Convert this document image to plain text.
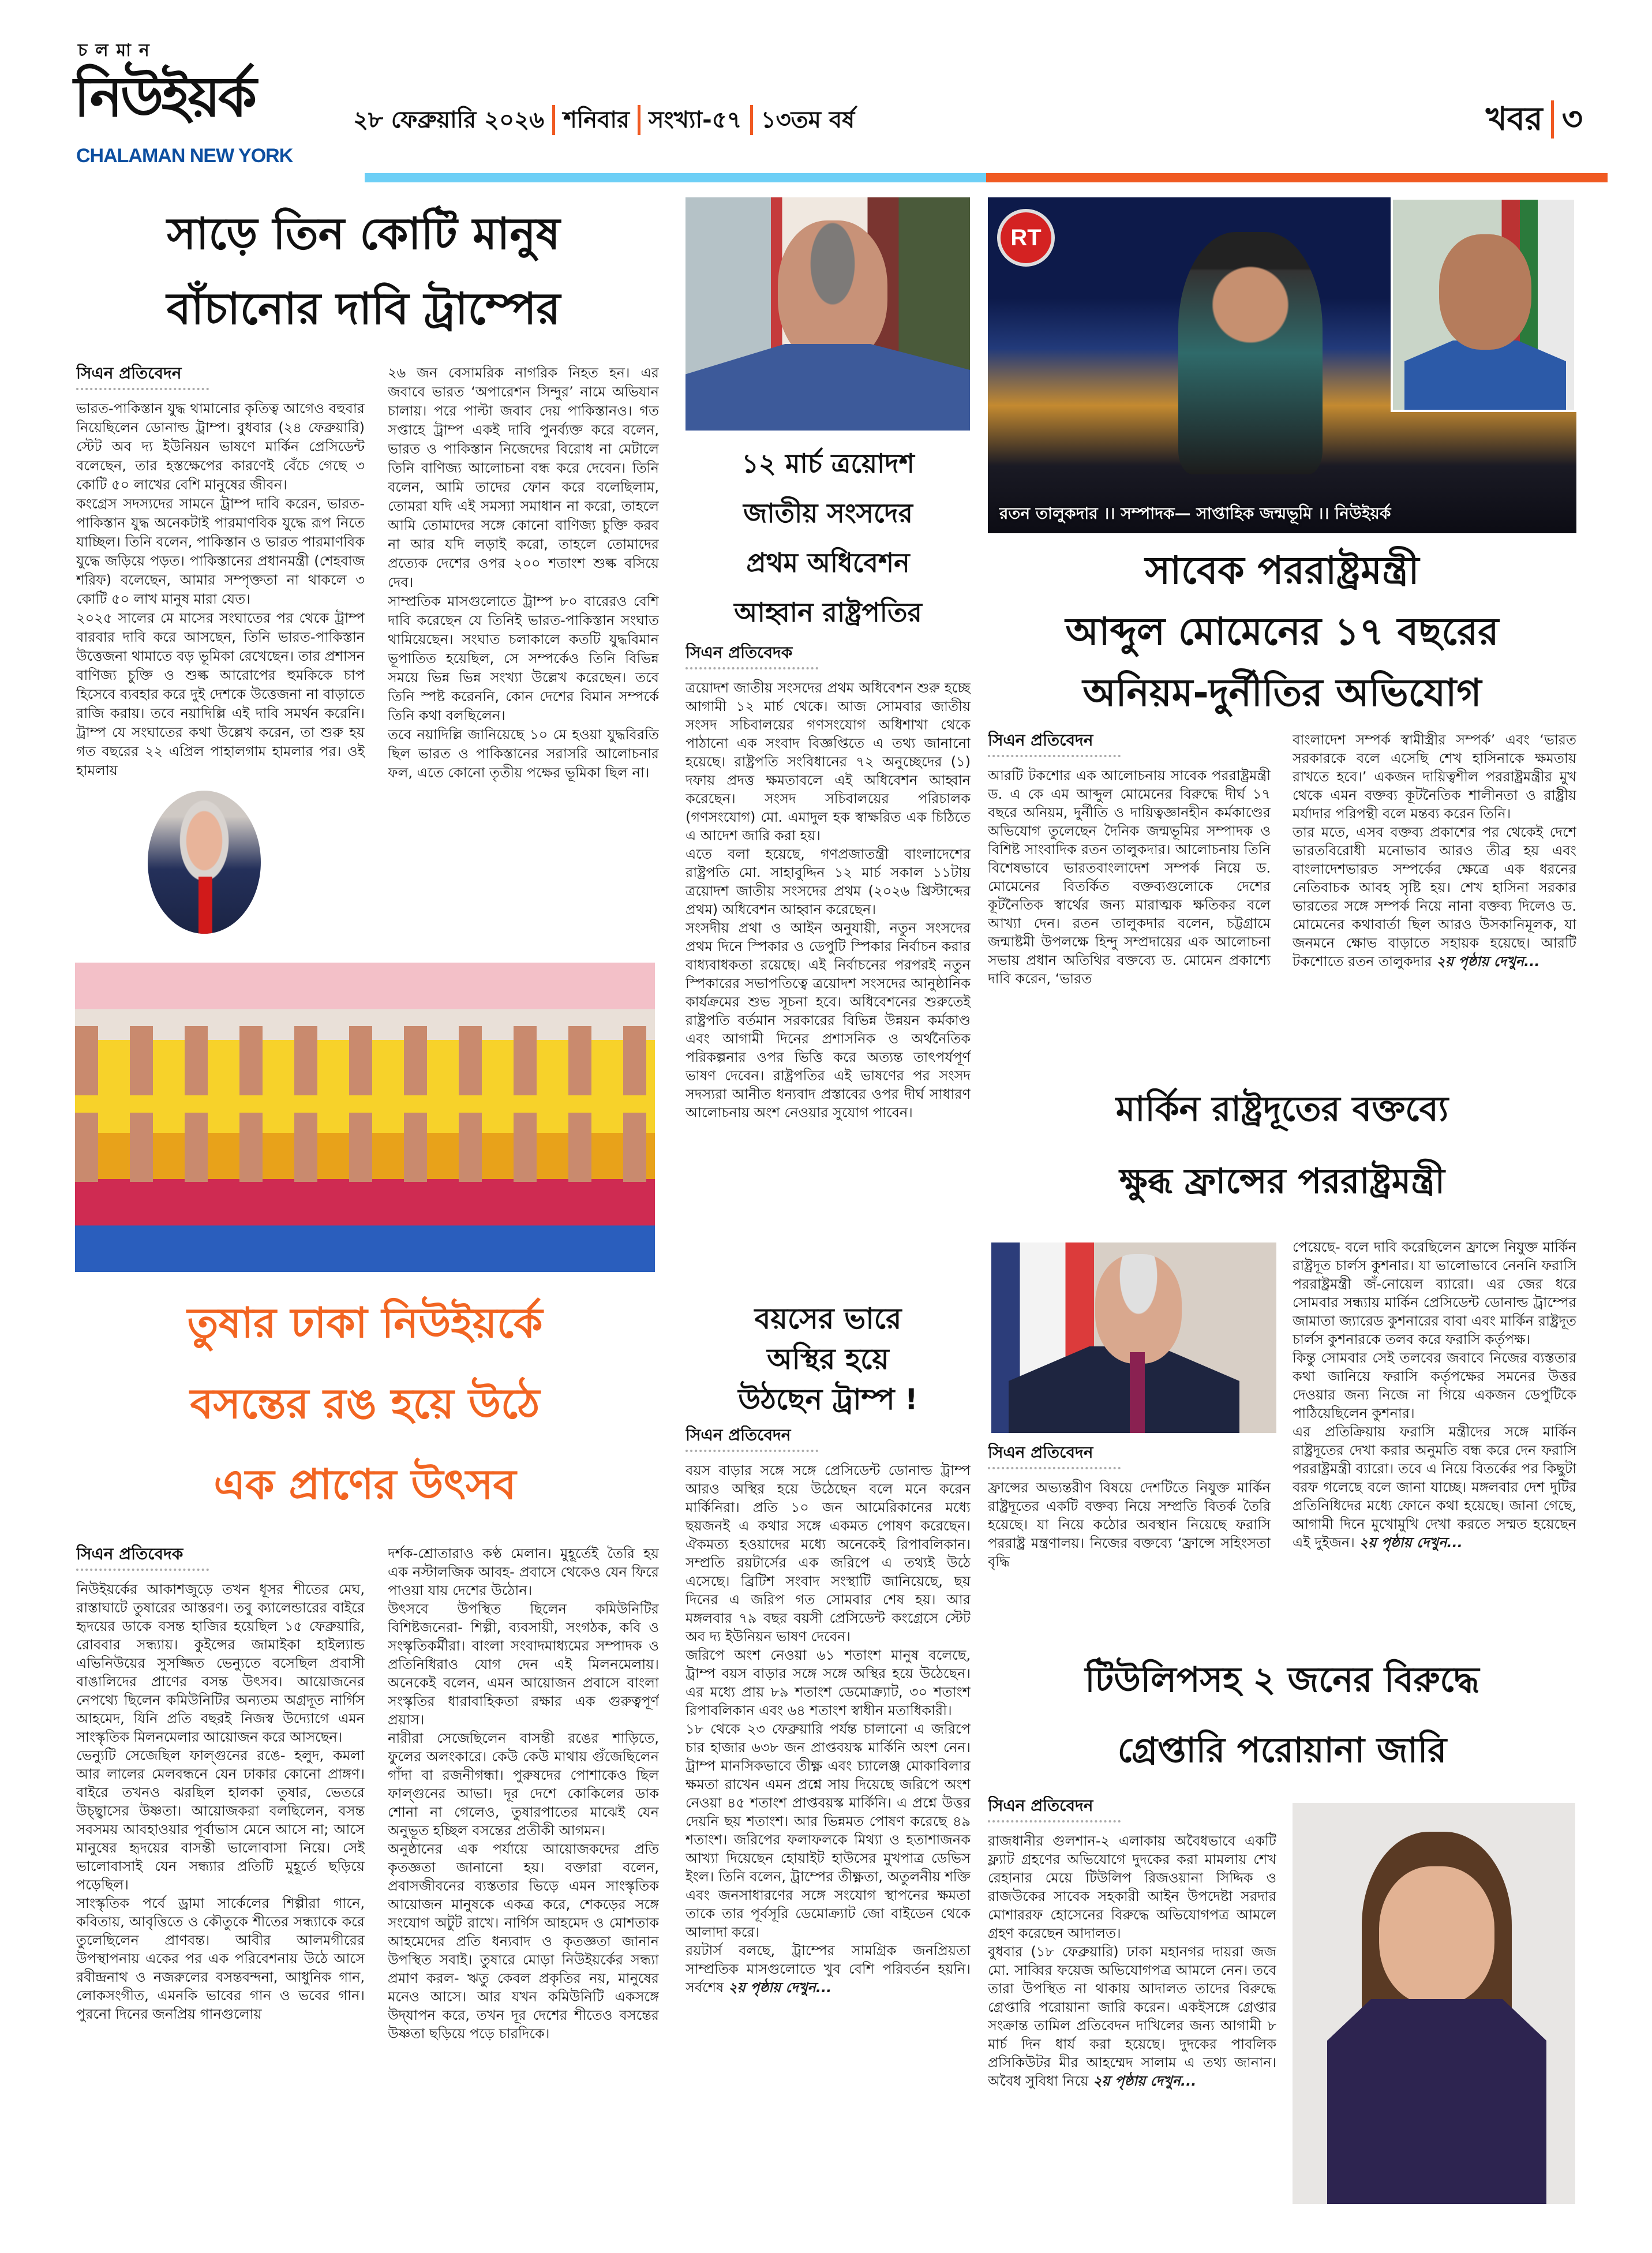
চলমান
নিউইয়র্ক
CHALAMAN NEW YORK
২৮ ফেব্রুয়ারি ২০২৬ শনিবার সংখ্যা-৫৭ ১৩তম বর্ষ	খবর ৩
সাড়ে তিন কোটি মানুষ
বাঁচানোর দাবি ট্রাম্পের
সিএন প্রতিবেদন

ভারত-পাকিস্তান যুদ্ধ থামানোর কৃতিত্ব আগেও বহুবার নিয়েছিলেন ডোনাল্ড ট্রাম্প। বুধবার (২৪ ফেব্রুয়ারি) স্টেট অব দ্য ইউনিয়ন ভাষণে মার্কিন প্রেসিডেন্ট বলেছেন, তার হস্তক্ষেপের কারণেই বেঁচে গেছে ৩ কোটি ৫০ লাখের বেশি মানুষের জীবন।

কংগ্রেস সদস্যদের সামনে ট্রাম্প দাবি করেন, ভারত-পাকিস্তান যুদ্ধ অনেকটাই পারমাণবিক যুদ্ধে রূপ নিতে যাচ্ছিল। তিনি বলেন, পাকিস্তান ও ভারত পারমাণবিক যুদ্ধে জড়িয়ে পড়ত। পাকিস্তানের প্রধানমন্ত্রী (শেহবাজ শরিফ) বলেছেন, আমার সম্পৃক্ততা না থাকলে ৩ কোটি ৫০ লাখ মানুষ মারা যেত।

২০২৫ সালের মে মাসের সংঘাতের পর থেকে ট্রাম্প বারবার দাবি করে আসছেন, তিনি ভারত-পাকিস্তান উত্তেজনা থামাতে বড় ভূমিকা রেখেছেন। তার প্রশাসন বাণিজ্য চুক্তি ও শুল্ক আরোপের হুমকিকে চাপ হিসেবে ব্যবহার করে দুই দেশকে উত্তেজনা না বাড়াতে রাজি করায়। তবে নয়াদিল্লি এই দাবি সমর্থন করেনি। ট্রাম্প যে সংঘাতের কথা উল্লেখ করেন, তা শুরু হয় গত বছরের ২২ এপ্রিল পাহালগাম হামলার পর। ওই হামলায়

২৬ জন বেসামরিক নাগরিক নিহত হন। এর জবাবে ভারত ‘অপারেশন সিন্দুর’ নামে অভিযান চালায়। পরে পাল্টা জবাব দেয় পাকিস্তানও। গত সপ্তাহে ট্রাম্প একই দাবি পুনর্ব্যক্ত করে বলেন, ভারত ও পাকিস্তান নিজেদের বিরোধ না মেটালে তিনি বাণিজ্য আলোচনা বন্ধ করে দেবেন। তিনি বলেন, আমি তাদের ফোন করে বলেছিলাম, তোমরা যদি এই সমস্যা সমাধান না করো, তাহলে আমি তোমাদের সঙ্গে কোনো বাণিজ্য চুক্তি করব না আর যদি লড়াই করো, তাহলে তোমাদের প্রত্যেক দেশের ওপর ২০০ শতাংশ শুল্ক বসিয়ে দেব।

সাম্প্রতিক মাসগুলোতে ট্রাম্প ৮০ বারেরও বেশি দাবি করেছেন যে তিনিই ভারত-পাকিস্তান সংঘাত থামিয়েছেন। সংঘাত চলাকালে কতটি যুদ্ধবিমান ভূপাতিত হয়েছিল, সে সম্পর্কেও তিনি বিভিন্ন সময়ে ভিন্ন ভিন্ন সংখ্যা উল্লেখ করেছেন। তবে তিনি স্পষ্ট করেননি, কোন দেশের বিমান সম্পর্কে তিনি কথা বলছিলেন।

তবে নয়াদিল্লি জানিয়েছে ১০ মে হওয়া যুদ্ধবিরতি ছিল ভারত ও পাকিস্তানের সরাসরি আলোচনার ফল, এতে কোনো তৃতীয় পক্ষের ভূমিকা ছিল না।

১২ মার্চ ত্রয়োদশ
জাতীয় সংসদের
প্রথম অধিবেশন
আহ্বান রাষ্ট্রপতির
সিএন প্রতিবেদক

ত্রয়োদশ জাতীয় সংসদের প্রথম অধিবেশন শুরু হচ্ছে আগামী ১২ মার্চ থেকে। আজ সোমবার জাতীয় সংসদ সচিবালয়ের গণসংযোগ অধিশাখা থেকে পাঠানো এক সংবাদ বিজ্ঞপ্তিতে এ তথ্য জানানো হয়েছে। রাষ্ট্রপতি সংবিধানের ৭২ অনুচ্ছেদের (১) দফায় প্রদত্ত ক্ষমতাবলে এই অধিবেশন আহ্বান করেছেন। সংসদ সচিবালয়ের পরিচালক (গণসংযোগ) মো. এমাদুল হক স্বাক্ষরিত এক চিঠিতে এ আদেশ জারি করা হয়।

এতে বলা হয়েছে, গণপ্রজাতন্ত্রী বাংলাদেশের রাষ্ট্রপতি মো. সাহাবুদ্দিন ১২ মার্চ সকাল ১১টায় ত্রয়োদশ জাতীয় সংসদের প্রথম (২০২৬ খ্রিস্টাব্দের প্রথম) অধিবেশন আহ্বান করেছেন।

সংসদীয় প্রথা ও আইন অনুযায়ী, নতুন সংসদের প্রথম দিনে স্পিকার ও ডেপুটি স্পিকার নির্বাচন করার বাধ্যবাধকতা রয়েছে। এই নির্বাচনের পরপরই নতুন স্পিকারের সভাপতিত্বে ত্রয়োদশ সংসদের আনুষ্ঠানিক কার্যক্রমের শুভ সূচনা হবে। অধিবেশনের শুরুতেই রাষ্ট্রপতি বর্তমান সরকারের বিভিন্ন উন্নয়ন কর্মকাণ্ড এবং আগামী দিনের প্রশাসনিক ও অর্থনৈতিক পরিকল্পনার ওপর ভিত্তি করে অত্যন্ত তাৎপর্যপূর্ণ ভাষণ দেবেন। রাষ্ট্রপতির এই ভাষণের পর সংসদ সদস্যরা আনীত ধন্যবাদ প্রস্তাবের ওপর দীর্ঘ সাধারণ আলোচনায় অংশ নেওয়ার সুযোগ পাবেন।

বয়সের ভারে
অস্থির হয়ে
উঠছেন ট্রাম্প !
সিএন প্রতিবেদন

বয়স বাড়ার সঙ্গে সঙ্গে প্রেসিডেন্ট ডোনাল্ড ট্রাম্প আরও অস্থির হয়ে উঠেছেন বলে মনে করেন মার্কিনিরা। প্রতি ১০ জন আমেরিকানের মধ্যে ছয়জনই এ কথার সঙ্গে একমত পোষণ করেছেন। ঐকমত্য হওয়াদের মধ্যে অনেকেই রিপাবলিকান। সম্প্রতি রয়টার্সের এক জরিপে এ তথ্যই উঠে এসেছে। ব্রিটিশ সংবাদ সংস্থাটি জানিয়েছে, ছয় দিনের এ জরিপ গত সোমবার শেষ হয়। আর মঙ্গলবার ৭৯ বছর বয়সী প্রেসিডেন্ট কংগ্রেসে স্টেট অব দ্য ইউনিয়ন ভাষণ দেবেন।

জরিপে অংশ নেওয়া ৬১ শতাংশ মানুষ বলেছে, ট্রাম্প বয়স বাড়ার সঙ্গে সঙ্গে অস্থির হয়ে উঠেছেন। এর মধ্যে প্রায় ৮৯ শতাংশ ডেমোক্র্যাট, ৩০ শতাংশ রিপাবলিকান এবং ৬৪ শতাংশ স্বাধীন মতাধিকারী।

১৮ থেকে ২৩ ফেব্রুয়ারি পর্যন্ত চালানো এ জরিপে চার হাজার ৬৩৮ জন প্রাপ্তবয়স্ক মার্কিনি অংশ নেন। ট্রাম্প মানসিকভাবে তীক্ষ্ণ এবং চ্যালেঞ্জ মোকাবিলার ক্ষমতা রাখেন এমন প্রশ্নে সায় দিয়েছে জরিপে অংশ নেওয়া ৪৫ শতাংশ প্রাপ্তবয়স্ক মার্কিনি। এ প্রশ্নে উত্তর দেয়নি ছয় শতাংশ। আর ভিন্নমত পোষণ করেছে ৪৯ শতাংশ। জরিপের ফলাফলকে মিথ্যা ও হতাশাজনক আখ্যা দিয়েছেন হোয়াইট হাউসের মুখপাত্র ডেভিস ইংল। তিনি বলেন, ট্রাম্পের তীক্ষ্ণতা, অতুলনীয় শক্তি এবং জনসাধারণের সঙ্গে সংযোগ স্থাপনের ক্ষমতা তাকে তার পূর্বসূরি ডেমোক্র্যাট জো বাইডেন থেকে আলাদা করে।

রয়টার্স বলছে, ট্রাম্পের সামগ্রিক জনপ্রিয়তা সাম্প্রতিক মাসগুলোতে খুব বেশি পরিবর্তন হয়নি। সর্বশেষ ২য় পৃষ্ঠায় দেখুন...

RT
রতন তালুকদার ।। সম্পাদক— সাপ্তাহিক জন্মভূমি ।। নিউইয়র্ক
সাবেক পররাষ্ট্রমন্ত্রী
আব্দুল মোমেনের ১৭ বছরের
অনিয়ম-দুর্নীতির অভিযোগ
সিএন প্রতিবেদন

আরটি টকশোর এক আলোচনায় সাবেক পররাষ্ট্রমন্ত্রী ড. এ কে এম আব্দুল মোমেনের বিরুদ্ধে দীর্ঘ ১৭ বছরে অনিয়ম, দুর্নীতি ও দায়িত্বজ্ঞানহীন কর্মকাণ্ডের অভিযোগ তুলেছেন দৈনিক জন্মভূমির সম্পাদক ও বিশিষ্ট সাংবাদিক রতন তালুকদার। আলোচনায় তিনি বিশেষভাবে ভারতবাংলাদেশ সম্পর্ক নিয়ে ড. মোমেনের বিতর্কিত বক্তব্যগুলোকে দেশের কূটনৈতিক স্বার্থের জন্য মারাত্মক ক্ষতিকর বলে আখ্যা দেন। রতন তালুকদার বলেন, চট্টগ্রামে জন্মাষ্টমী উপলক্ষে হিন্দু সম্প্রদায়ের এক আলোচনা সভায় প্রধান অতিথির বক্তব্যে ড. মোমেন প্রকাশ্যে দাবি করেন, ‘ভারত

বাংলাদেশ সম্পর্ক স্বামীস্ত্রীর সম্পর্ক’ এবং ‘ভারত সরকারকে বলে এসেছি শেখ হাসিনাকে ক্ষমতায় রাখতে হবে।’ একজন দায়িত্বশীল পররাষ্ট্রমন্ত্রীর মুখ থেকে এমন বক্তব্য কূটনৈতিক শালীনতা ও রাষ্ট্রীয় মর্যাদার পরিপন্থী বলে মন্তব্য করেন তিনি।

তার মতে, এসব বক্তব্য প্রকাশের পর থেকেই দেশে ভারতবিরোধী মনোভাব আরও তীব্র হয় এবং বাংলাদেশভারত সম্পর্কের ক্ষেত্রে এক ধরনের নেতিবাচক আবহ সৃষ্টি হয়। শেখ হাসিনা সরকার ভারতের সঙ্গে সম্পর্ক নিয়ে নানা বক্তব্য দিলেও ড. মোমেনের কথাবার্তা ছিল আরও উসকানিমূলক, যা জনমনে ক্ষোভ বাড়াতে সহায়ক হয়েছে। আরটি টকশোতে রতন তালুকদার ২য় পৃষ্ঠায় দেখুন...

মার্কিন রাষ্ট্রদূতের বক্তব্যে
ক্ষুব্ধ ফ্রান্সের পররাষ্ট্রমন্ত্রী
সিএন প্রতিবেদন

ফ্রান্সের অভ্যন্তরীণ বিষয়ে দেশটিতে নিযুক্ত মার্কিন রাষ্ট্রদূতের একটি বক্তব্য নিয়ে সম্প্রতি বিতর্ক তৈরি হয়েছে। যা নিয়ে কঠোর অবস্থান নিয়েছে ফরাসি পররাষ্ট্র মন্ত্রণালয়। নিজের বক্তব্যে ‘ফ্রান্সে সহিংসতা বৃদ্ধি

পেয়েছে- বলে দাবি করেছিলেন ফ্রান্সে নিযুক্ত মার্কিন রাষ্ট্রদূত চার্লস কুশনার। যা ভালোভাবে নেননি ফরাসি পররাষ্ট্রমন্ত্রী জঁ-নোয়েল ব্যারো। এর জের ধরে সোমবার সন্ধ্যায় মার্কিন প্রেসিডেন্ট ডোনাল্ড ট্রাম্পের জামাতা জ্যারেড কুশনারের বাবা এবং মার্কিন রাষ্ট্রদূত চার্লস কুশনারকে তলব করে ফরাসি কর্তৃপক্ষ।

কিন্তু সোমবার সেই তলবের জবাবে নিজের ব্যস্ততার কথা জানিয়ে ফরাসি কর্তৃপক্ষের সমনের উত্তর দেওয়ার জন্য নিজে না গিয়ে একজন ডেপুটিকে পাঠিয়েছিলেন কুশনার।

এর প্রতিক্রিয়ায় ফরাসি মন্ত্রীদের সঙ্গে মার্কিন রাষ্ট্রদূতের দেখা করার অনুমতি বন্ধ করে দেন ফরাসি পররাষ্ট্রমন্ত্রী ব্যারো। তবে এ নিয়ে বিতর্কের পর কিছুটা বরফ গলেছে বলে জানা যাচ্ছে। মঙ্গলবার দেশ দুটির প্রতিনিধিদের মধ্যে ফোনে কথা হয়েছে। জানা গেছে, আগামী দিনে মুখোমুখি দেখা করতে সম্মত হয়েছেন এই দুইজন। ২য় পৃষ্ঠায় দেখুন...

টিউলিপসহ ২ জনের বিরুদ্ধে
গ্রেপ্তারি পরোয়ানা জারি
সিএন প্রতিবেদন

রাজধানীর গুলশান-২ এলাকায় অবৈধভাবে একটি ফ্ল্যাট গ্রহণের অভিযোগে দুদকের করা মামলায় শেখ রেহানার মেয়ে টিউলিপ রিজওয়ানা সিদ্দিক ও রাজউকের সাবেক সহকারী আইন উপদেষ্টা সরদার মোশাররফ হোসেনের বিরুদ্ধে অভিযোগপত্র আমলে গ্রহণ করেছেন আদালত।

বুধবার (১৮ ফেব্রুয়ারি) ঢাকা মহানগর দায়রা জজ মো. সাব্বির ফয়েজ অভিযোগপত্র আমলে নেন। তবে তারা উপস্থিত না থাকায় আদালত তাদের বিরুদ্ধে গ্রেপ্তারি পরোয়ানা জারি করেন। একইসঙ্গে গ্রেপ্তার সংক্রান্ত তামিল প্রতিবেদন দাখিলের জন্য আগামী ৮ মার্চ দিন ধার্য করা হয়েছে। দুদকের পাবলিক প্রসিকিউটর মীর আহম্মেদ সালাম এ তথ্য জানান। অবৈধ সুবিধা নিয়ে ২য় পৃষ্ঠায় দেখুন...

তুষার ঢাকা নিউইয়র্কে
বসন্তের রঙ হয়ে উঠে
এক প্রাণের উৎসব
সিএন প্রতিবেদক

নিউইয়র্কের আকাশজুড়ে তখন ধূসর শীতের মেঘ, রাস্তাঘাটে তুষারের আস্তরণ। তবু ক্যালেন্ডারের বাইরে হৃদয়ের ডাকে বসন্ত হাজির হয়েছিল ১৫ ফেব্রুয়ারি, রোববার সন্ধ্যায়। কুইন্সের জামাইকা হাইল্যান্ড এভিনিউয়ের সুসজ্জিত ভেন্যুতে বসেছিল প্রবাসী বাঙালিদের প্রাণের বসন্ত উৎসব। আয়োজনের নেপথ্যে ছিলেন কমিউনিটির অন্যতম অগ্রদূত নার্গিস আহমেদ, যিনি প্রতি বছরই নিজস্ব উদ্যোগে এমন সাংস্কৃতিক মিলনমেলার আয়োজন করে আসছেন।

ভেন্যুটি সেজেছিল ফাল্গুনের রঙে- হলুদ, কমলা আর লালের মেলবন্ধনে যেন ঢাকার কোনো প্রাঙ্গণ। বাইরে তখনও ঝরছিল হালকা তুষার, ভেতরে উচ্ছ্বাসের উষ্ণতা। আয়োজকরা বলছিলেন, বসন্ত সবসময় আবহাওয়ার পূর্বাভাস মেনে আসে না; আসে মানুষের হৃদয়ের বাসন্তী ভালোবাসা নিয়ে। সেই ভালোবাসাই যেন সন্ধ্যার প্রতিটি মুহূর্তে ছড়িয়ে পড়েছিল।

সাংস্কৃতিক পর্বে ড্রামা সার্কেলের শিল্পীরা গানে, কবিতায়, আবৃত্তিতে ও কৌতুকে শীতের সন্ধ্যাকে করে তুলেছিলেন প্রাণবন্ত। আবীর আলমগীরের উপস্থাপনায় একের পর এক পরিবেশনায় উঠে আসে রবীন্দ্রনাথ ও নজরুলের বসন্তবন্দনা, আধুনিক গান, লোকসংগীত, এমনকি ভাবের গান ও ভবের গান। পুরনো দিনের জনপ্রিয় গানগুলোয়

দর্শক-শ্রোতারাও কণ্ঠ মেলান। মুহূর্তেই তৈরি হয় এক নস্টালজিক আবহ- প্রবাসে থেকেও যেন ফিরে পাওয়া যায় দেশের উঠোন।

উৎসবে উপস্থিত ছিলেন কমিউনিটির বিশিষ্টজনেরা- শিল্পী, ব্যবসায়ী, সংগঠক, কবি ও সংস্কৃতিকর্মীরা। বাংলা সংবাদমাধ্যমের সম্পাদক ও প্রতিনিধিরাও যোগ দেন এই মিলনমেলায়। অনেকেই বলেন, এমন আয়োজন প্রবাসে বাংলা সংস্কৃতির ধারাবাহিকতা রক্ষার এক গুরুত্বপূর্ণ প্রয়াস।

নারীরা সেজেছিলেন বাসন্তী রঙের শাড়িতে, ফুলের অলংকারে। কেউ কেউ মাথায় গুঁজেছিলেন গাঁদা বা রজনীগন্ধা। পুরুষদের পোশাকেও ছিল ফাল্গুনের আভা। দূর দেশে কোকিলের ডাক শোনা না গেলেও, তুষারপাতের মাঝেই যেন অনুভূত হচ্ছিল বসন্তের প্রতীকী আগমন।

অনুষ্ঠানের এক পর্যায়ে আয়োজকদের প্রতি কৃতজ্ঞতা জানানো হয়। বক্তারা বলেন, প্রবাসজীবনের ব্যস্ততার ভিড়ে এমন সাংস্কৃতিক আয়োজন মানুষকে একত্র করে, শেকড়ের সঙ্গে সংযোগ অটুট রাখে। নার্গিস আহমেদ ও মোশতাক আহমেদের প্রতি ধন্যবাদ ও কৃতজ্ঞতা জানান উপস্থিত সবাই। তুষারে মোড়া নিউইয়র্কের সন্ধ্যা প্রমাণ করল- ঋতু কেবল প্রকৃতির নয়, মানুষের মনেও আসে। আর যখন কমিউনিটি একসঙ্গে উদ্‌যাপন করে, তখন দূর দেশের শীতেও বসন্তের উষ্ণতা ছড়িয়ে পড়ে চারদিকে।
